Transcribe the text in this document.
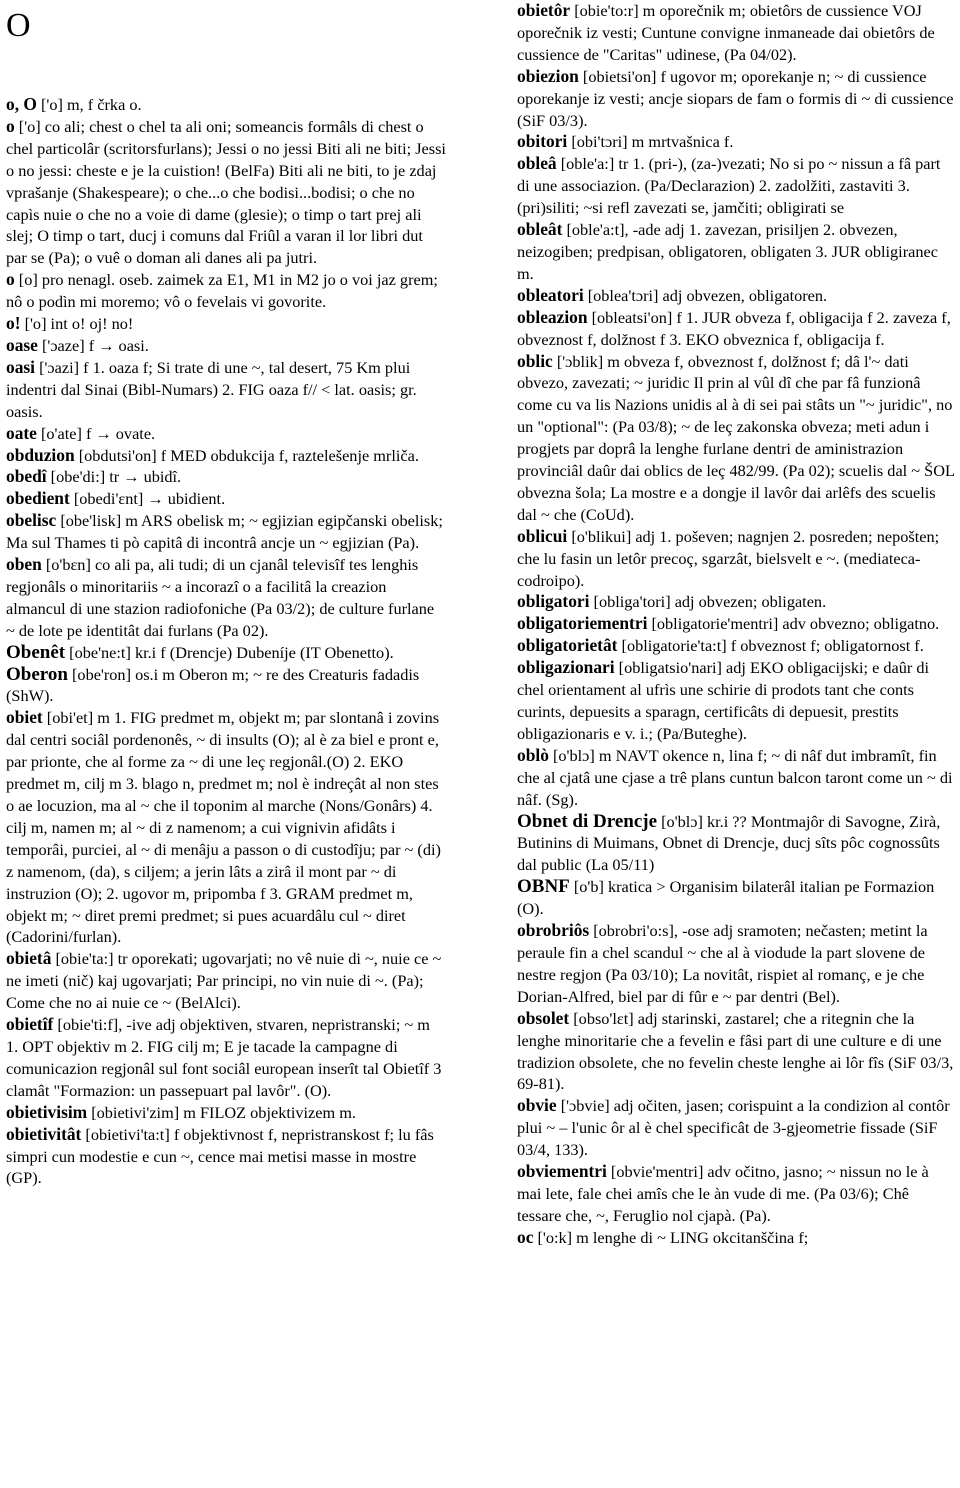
O

o, O ['o] m, f črka o.

o ['o] co ali; chest o chel ta ali oni; someancis formâls di chest o chel particolâr (scritorsfurlans); Jessi o no jessi Biti ali ne biti; Jessi o no jessi: cheste e je la cuistion! (BelFa) Biti ali ne biti, to je zdaj vprašanje (Shakespeare); o che...o che bodisi...bodisi; o che no capìs nuie o che no a voie di dame (glesie); o timp o tart prej ali slej; O timp o tart, ducj i comuns dal Friûl a varan il lor libri dut par se (Pa); o vuê o doman ali danes ali pa jutri.

o [o] pro nenagl. oseb. zaimek za E1, M1 in M2 jo o voi jaz grem; nô o podìn mi moremo; vô o fevelais vi govorite.

o! ['o] int o! oj! no!

oase ['ɔaze] f → oasi.

oasi ['ɔazi] f 1. oaza f; Si trate di une ~, tal desert, 75 Km plui indentri dal Sinai (Bibl-Numars) 2. FIG oaza f// < lat. oasis; gr. oasis.

oate [o'ate] f → ovate.

obduzion [obdutsi'on] f MED obdukcija f, raztelešenje mrliča.

obedî [obe'di:] tr → ubidî.

obedient [obedi'ɛnt] → ubidient.

obelisc [obe'lisk] m ARS obelisk m; ~ egjizian egipčanski obelisk; Ma sul Thames ti pò capitâ di incontrâ ancje un ~ egjizian (Pa).

oben [o'bɛn] co ali pa, ali tudi; di un cjanâl televisîf tes lenghis regjonâls o minoritariis ~ a incorazî o a facilitâ la creazion almancul di une stazion radiofoniche (Pa 03/2); de culture furlane ~ de lote pe identitât dai furlans (Pa 02).

Obenêt [obe'ne:t] kr.i f (Drencje) Dubeníje (IT Obenetto).

Oberon [obe'ron] os.i m Oberon m; ~ re des Creaturis fadadis (ShW).

obiet [obi'et] m 1. FIG predmet m, objekt m; par slontanâ i zovins dal centri sociâl pordenonês, ~ di insults (O); al è za biel e pront e, par prionte, che al forme za ~ di une leç regjonâl.(O) 2. EKO predmet m, cilj m 3. blago n, predmet m; nol è indreçât al non stes o ae locuzion, ma al ~ che il toponim al marche (Nons/Gonârs) 4. cilj m, namen m; al ~ di z namenom; a cui vignivin afidâts i temporâi, purciei, al ~ di menâju a passon o di custodîju; par ~ (di) z namenom, (da), s ciljem; a jerin lâts a zirâ il mont par ~ di instruzion (O); 2. ugovor m, pripomba f 3. GRAM predmet m, objekt m; ~ diret premi predmet; si pues acuardâlu cul ~ diret (Cadorini/furlan).

obietâ [obie'ta:] tr oporekati; ugovarjati; no vê nuie di ~, nuie ce ~ ne imeti (nič) kaj ugovarjati; Par principi, no vin nuie di ~. (Pa); Come che no ai nuie ce ~ (BelAlci).

obietîf [obie'ti:f], -ive adj objektiven, stvaren, nepristranski; ~ m 1. OPT objektiv m 2. FIG cilj m; E je tacade la campagne di comunicazion regjonâl sul font sociâl european inserît tal Obietîf 3 clamât "Formazion: un passepuart pal lavôr". (O).

obietivisim [obietivi'zim] m FILOZ objektivizem m.

obietivitât [obietivi'ta:t] f objektivnost f, nepristranskost f; lu fâs simpri cun modestie e cun ~, cence mai metisi masse in mostre (GP).

obietôr [obie'to:r] m oporečnik m; obietôrs de cussience VOJ oporečnik iz vesti; Cuntune convigne inmaneade dai obietôrs de cussience de "Caritas" udinese, (Pa 04/02).

obiezion [obietsi'on] f ugovor m; oporekanje n; ~ di cussience oporekanje iz vesti; ancje siopars de fam o formis di ~ di cussience (SiF 03/3).

obitori [obi'tɔri] m mrtvašnica f.

obleâ [oble'a:] tr 1. (pri-), (za-)vezati; No si po ~ nissun a fâ part di une associazion. (Pa/Declarazion) 2. zadolžiti, zastaviti 3. (pri)siliti; ~si refl zavezati se, jamčiti; obligirati se

obleât [oble'a:t], -ade adj 1. zavezan, prisiljen 2. obvezen, neizogiben; predpisan, obligatoren, obligaten 3. JUR obligiranec m.

obleatori [oblea'tɔri] adj obvezen, obligatoren.

obleazion [obleatsi'on] f 1. JUR obveza f, obligacija f 2. zaveza f, obveznost f, dolžnost f 3. EKO obveznica f, obligacija f.

oblic ['ɔblik] m obveza f, obveznost f, dolžnost f; dâ l'~ dati obvezo, zavezati; ~ juridic Il prin al vûl dî che par fâ funzionâ come cu va lis Nazions unidis al à di sei pai stâts un "~ juridic", no un "optional": (Pa 03/8); ~ de leç zakonska obveza; meti adun i progjets par doprâ la lenghe furlane dentri de aministrazion provinciâl daûr dai oblics de leç 482/99. (Pa 02); scuelis dal ~ ŠOL obvezna šola; La mostre e a dongje il lavôr dai arlêfs des scuelis dal ~ che (CoUd).

oblicui [o'blikui] adj 1. poševen; nagnjen 2. posreden; nepošten; che lu fasin un letôr precoç, sgarzât, bielsvelt e ~. (mediateca-codroipo).

obligatori [obliga'tori] adj obvezen; obligaten.

obligatoriementri [obligatorie'mentri] adv obvezno; obligatno.

obligatorietât [obligatorie'ta:t] f obveznost f; obligatornost f.

obligazionari [obligatsio'nari] adj EKO obligacijski; e daûr di chel orientament al ufrìs une schirie di prodots tant che conts curints, depuesits a sparagn, certificâts di depuesit, prestits obligazionaris e v. i.; (Pa/Buteghe).

oblò [o'blɔ] m NAVT okence n, lina f; ~ di nâf dut imbramît, fin che al cjatâ une cjase a trê plans cuntun balcon taront come un ~ di nâf. (Sg).

Obnet di Drencje [o'blɔ] kr.i ?? Montmajôr di Savogne, Zirà, Butinins di Muimans, Obnet di Drencje, ducj sîts pôc cognossûts dal public (La 05/11)

OBNF [o'b] kratica > Organisim bilaterâl italian pe Formazion (O).

obrobriôs [obrobri'o:s], -ose adj sramoten; nečasten; metint la peraule fin a chel scandul ~ che al à viodude la part slovene de nestre regjon (Pa 03/10); La novitât, rispiet al romanç, e je che Dorian-Alfred, biel par di fûr e ~ par dentri (Bel).

obsolet [obso'lɛt] adj starinski, zastarel; che a ritegnin che la lenghe minoritarie che a fevelin e fâsi part di une culture e di une tradizion obsolete, che no fevelin cheste lenghe ai lôr fîs (SiF 03/3, 69-81).

obvie ['ɔbvie] adj očiten, jasen; corispuint a la condizion al contôr plui ~ – l'unic ôr al è chel specificât de 3-gjeometrie fissade (SiF 03/4, 133).

obviementri [obvie'mentri] adv očitno, jasno; ~ nissun no le à mai lete, fale chei amîs che le àn vude di me. (Pa 03/6); Chê tessare che, ~, Feruglio nol cjapà. (Pa).

oc ['o:k] m lenghe di ~ LING okcitanščina f;
